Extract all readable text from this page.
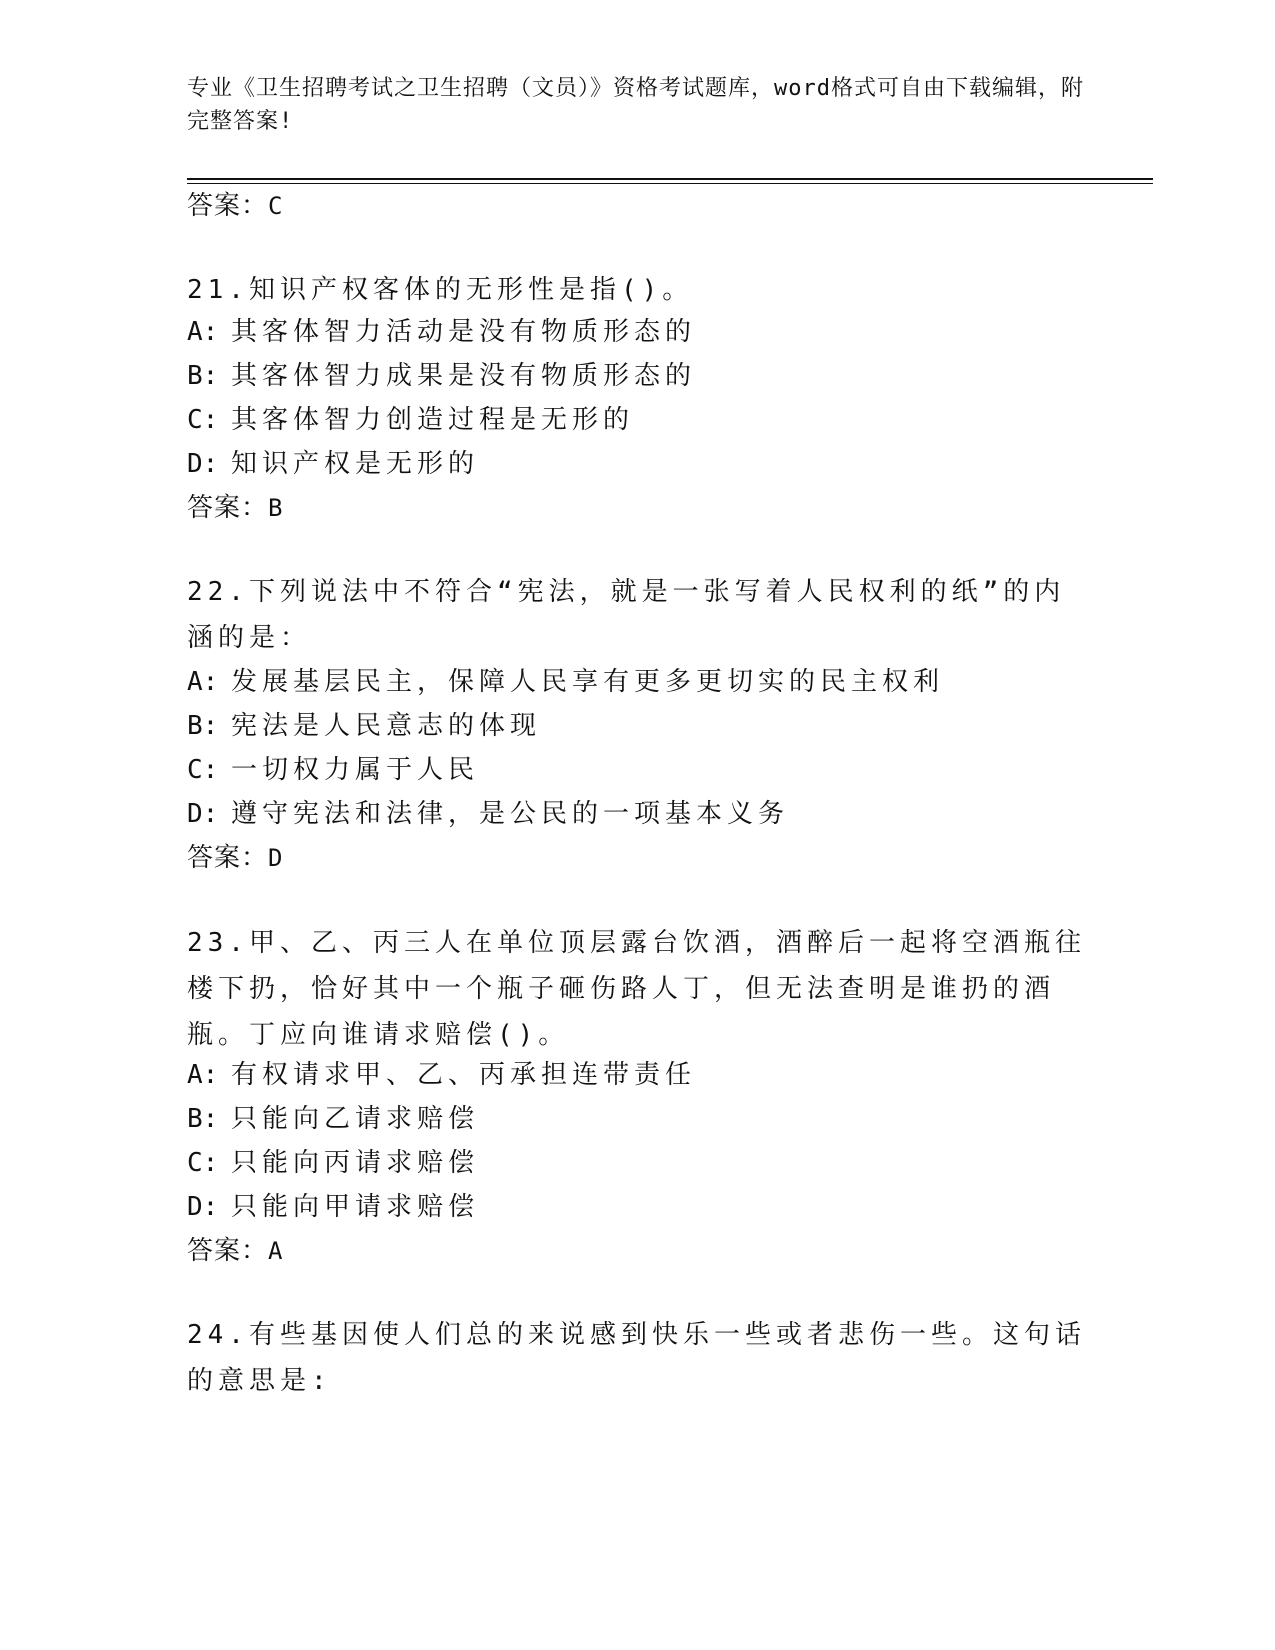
专业《卫生招聘考试之卫生招聘（文员）》资格考试题库，word格式可自由下载编辑，附完整答案!
答案：C
21.知识产权客体的无形性是指()。
A: 其客体智力活动是没有物质形态的
B: 其客体智力成果是没有物质形态的
C: 其客体智力创造过程是无形的
D: 知识产权是无形的
答案：B
22.下列说法中不符合“宪法，就是一张写着人民权利的纸”的内涵的是：
A: 发展基层民主，保障人民享有更多更切实的民主权利
B: 宪法是人民意志的体现
C: 一切权力属于人民
D: 遵守宪法和法律，是公民的一项基本义务
答案：D
23.甲、乙、丙三人在单位顶层露台饮酒，酒醉后一起将空酒瓶往楼下扔，恰好其中一个瓶子砸伤路人丁，但无法查明是谁扔的酒瓶。丁应向谁请求赔偿()。
A: 有权请求甲、乙、丙承担连带责任
B: 只能向乙请求赔偿
C: 只能向丙请求赔偿
D: 只能向甲请求赔偿
答案：A
24.有些基因使人们总的来说感到快乐一些或者悲伤一些。这句话的意思是:
